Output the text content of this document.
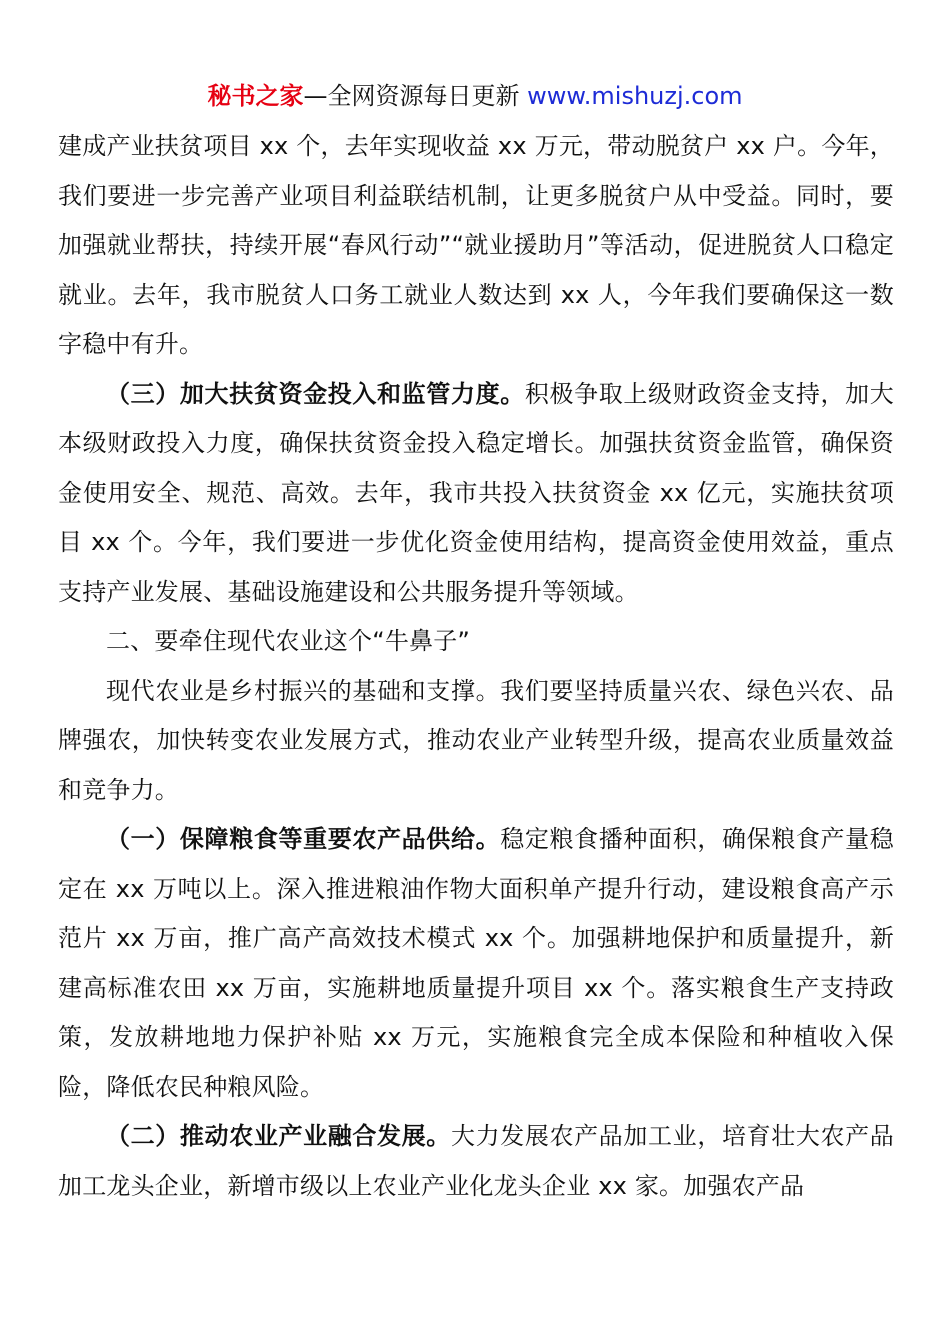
秘书之家—全网资源每日更新 www.mishuzj.com

建成产业扶贫项目 xx 个，去年实现收益 xx 万元，带动脱贫户 xx 户。今年，我们要进一步完善产业项目利益联结机制，让更多脱贫户从中受益。同时，要加强就业帮扶，持续开展“春风行动”“就业援助月”等活动，促进脱贫人口稳定就业。去年，我市脱贫人口务工就业人数达到 xx 人，今年我们要确保这一数字稳中有升。

（三）加大扶贫资金投入和监管力度。积极争取上级财政资金支持，加大本级财政投入力度，确保扶贫资金投入稳定增长。加强扶贫资金监管，确保资金使用安全、规范、高效。去年，我市共投入扶贫资金 xx 亿元，实施扶贫项目 xx 个。今年，我们要进一步优化资金使用结构，提高资金使用效益，重点支持产业发展、基础设施建设和公共服务提升等领域。

二、要牵住现代农业这个“牛鼻子”

现代农业是乡村振兴的基础和支撑。我们要坚持质量兴农、绿色兴农、品牌强农，加快转变农业发展方式，推动农业产业转型升级，提高农业质量效益和竞争力。

（一）保障粮食等重要农产品供给。稳定粮食播种面积，确保粮食产量稳定在 xx 万吨以上。深入推进粮油作物大面积单产提升行动，建设粮食高产示范片 xx 万亩，推广高产高效技术模式 xx 个。加强耕地保护和质量提升，新建高标准农田 xx 万亩，实施耕地质量提升项目 xx 个。落实粮食生产支持政策，发放耕地地力保护补贴 xx 万元，实施粮食完全成本保险和种植收入保险，降低农民种粮风险。

（二）推动农业产业融合发展。大力发展农产品加工业，培育壮大农产品加工龙头企业，新增市级以上农业产业化龙头企业 xx 家。加强农产品
